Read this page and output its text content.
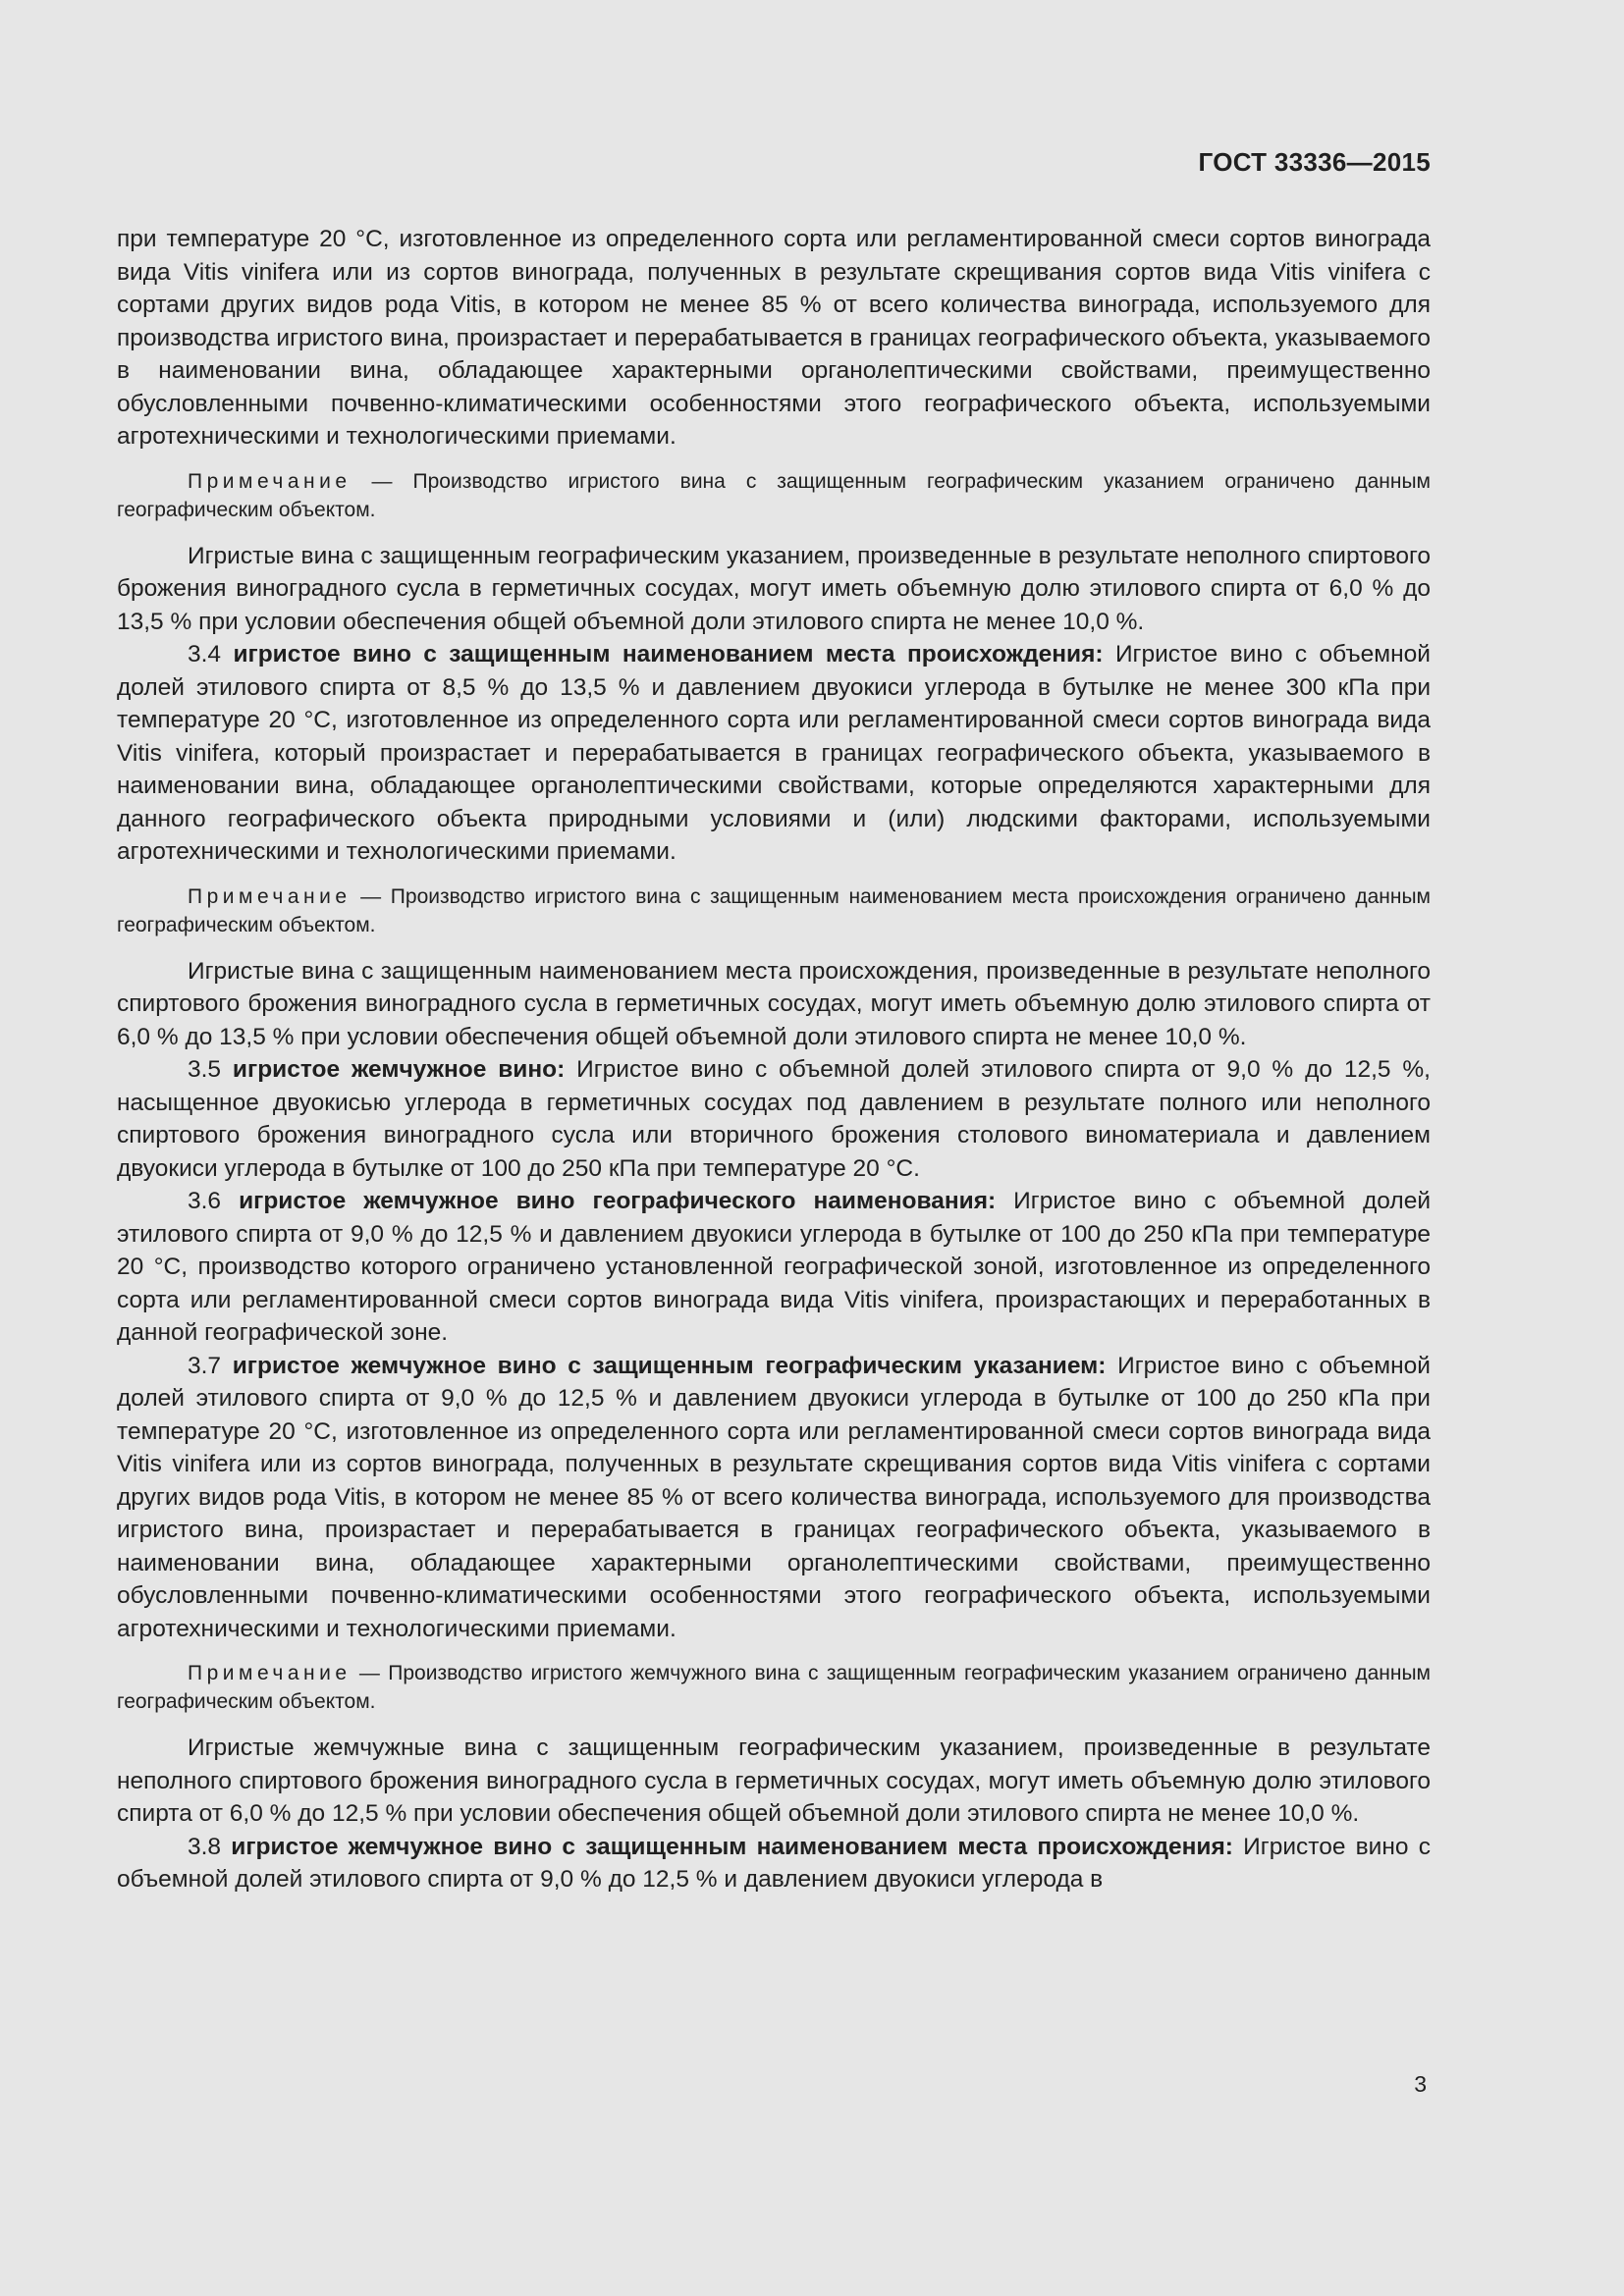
ГОСТ 33336—2015

при температуре 20 °С, изготовленное из определенного сорта или регламентированной смеси сортов винограда вида Vitis vinifera или из сортов винограда, полученных в результате скрещивания сортов вида Vitis vinifera с сортами других видов рода Vitis, в котором не менее 85 % от всего количества винограда, используемого для производства игристого вина, произрастает и перерабатывается в границах географического объекта, указываемого в наименовании вина, обладающее характерными органолептическими свойствами, преимущественно обусловленными почвенно-климатическими особенностями этого географического объекта, используемыми агротехническими и технологическими приемами.

Примечание — Производство игристого вина с защищенным географическим указанием ограничено данным географическим объектом.

Игристые вина с защищенным географическим указанием, произведенные в результате неполного спиртового брожения виноградного сусла в герметичных сосудах, могут иметь объемную долю этилового спирта от 6,0 % до 13,5 % при условии обеспечения общей объемной доли этилового спирта не менее 10,0 %.

3.4 игристое вино с защищенным наименованием места происхождения: Игристое вино с объемной долей этилового спирта от 8,5 % до 13,5 % и давлением двуокиси углерода в бутылке не менее 300 кПа при температуре 20 °С, изготовленное из определенного сорта или регламентированной смеси сортов винограда вида Vitis vinifera, который произрастает и перерабатывается в границах географического объекта, указываемого в наименовании вина, обладающее органолептическими свойствами, которые определяются характерными для данного географического объекта природными условиями и (или) людскими факторами, используемыми агротехническими и технологическими приемами.

Примечание — Производство игристого вина с защищенным наименованием места происхождения ограничено данным географическим объектом.

Игристые вина с защищенным наименованием места происхождения, произведенные в результате неполного спиртового брожения виноградного сусла в герметичных сосудах, могут иметь объемную долю этилового спирта от 6,0 % до 13,5 % при условии обеспечения общей объемной доли этилового спирта не менее 10,0 %.

3.5 игристое жемчужное вино: Игристое вино с объемной долей этилового спирта от 9,0 % до 12,5 %, насыщенное двуокисью углерода в герметичных сосудах под давлением в результате полного или неполного спиртового брожения виноградного сусла или вторичного брожения столового виноматериала и давлением двуокиси углерода в бутылке от 100 до 250 кПа при температуре 20 °С.

3.6 игристое жемчужное вино географического наименования: Игристое вино с объемной долей этилового спирта от 9,0 % до 12,5 % и давлением двуокиси углерода в бутылке от 100 до 250 кПа при температуре 20 °С, производство которого ограничено установленной географической зоной, изготовленное из определенного сорта или регламентированной смеси сортов винограда вида Vitis vinifera, произрастающих и переработанных в данной географической зоне.

3.7 игристое жемчужное вино с защищенным географическим указанием: Игристое вино с объемной долей этилового спирта от 9,0 % до 12,5 % и давлением двуокиси углерода в бутылке от 100 до 250 кПа при температуре 20 °С, изготовленное из определенного сорта или регламентированной смеси сортов винограда вида Vitis vinifera или из сортов винограда, полученных в результате скрещивания сортов вида Vitis vinifera с сортами других видов рода Vitis, в котором не менее 85 % от всего количества винограда, используемого для производства игристого вина, произрастает и перерабатывается в границах географического объекта, указываемого в наименовании вина, обладающее характерными органолептическими свойствами, преимущественно обусловленными почвенно-климатическими особенностями этого географического объекта, используемыми агротехническими и технологическими приемами.

Примечание — Производство игристого жемчужного вина с защищенным географическим указанием ограничено данным географическим объектом.

Игристые жемчужные вина с защищенным географическим указанием, произведенные в результате неполного спиртового брожения виноградного сусла в герметичных сосудах, могут иметь объемную долю этилового спирта от 6,0 % до 12,5 % при условии обеспечения общей объемной доли этилового спирта не менее 10,0 %.

3.8 игристое жемчужное вино с защищенным наименованием места происхождения: Игристое вино с объемной долей этилового спирта от 9,0 % до 12,5 % и давлением двуокиси углерода в

3
